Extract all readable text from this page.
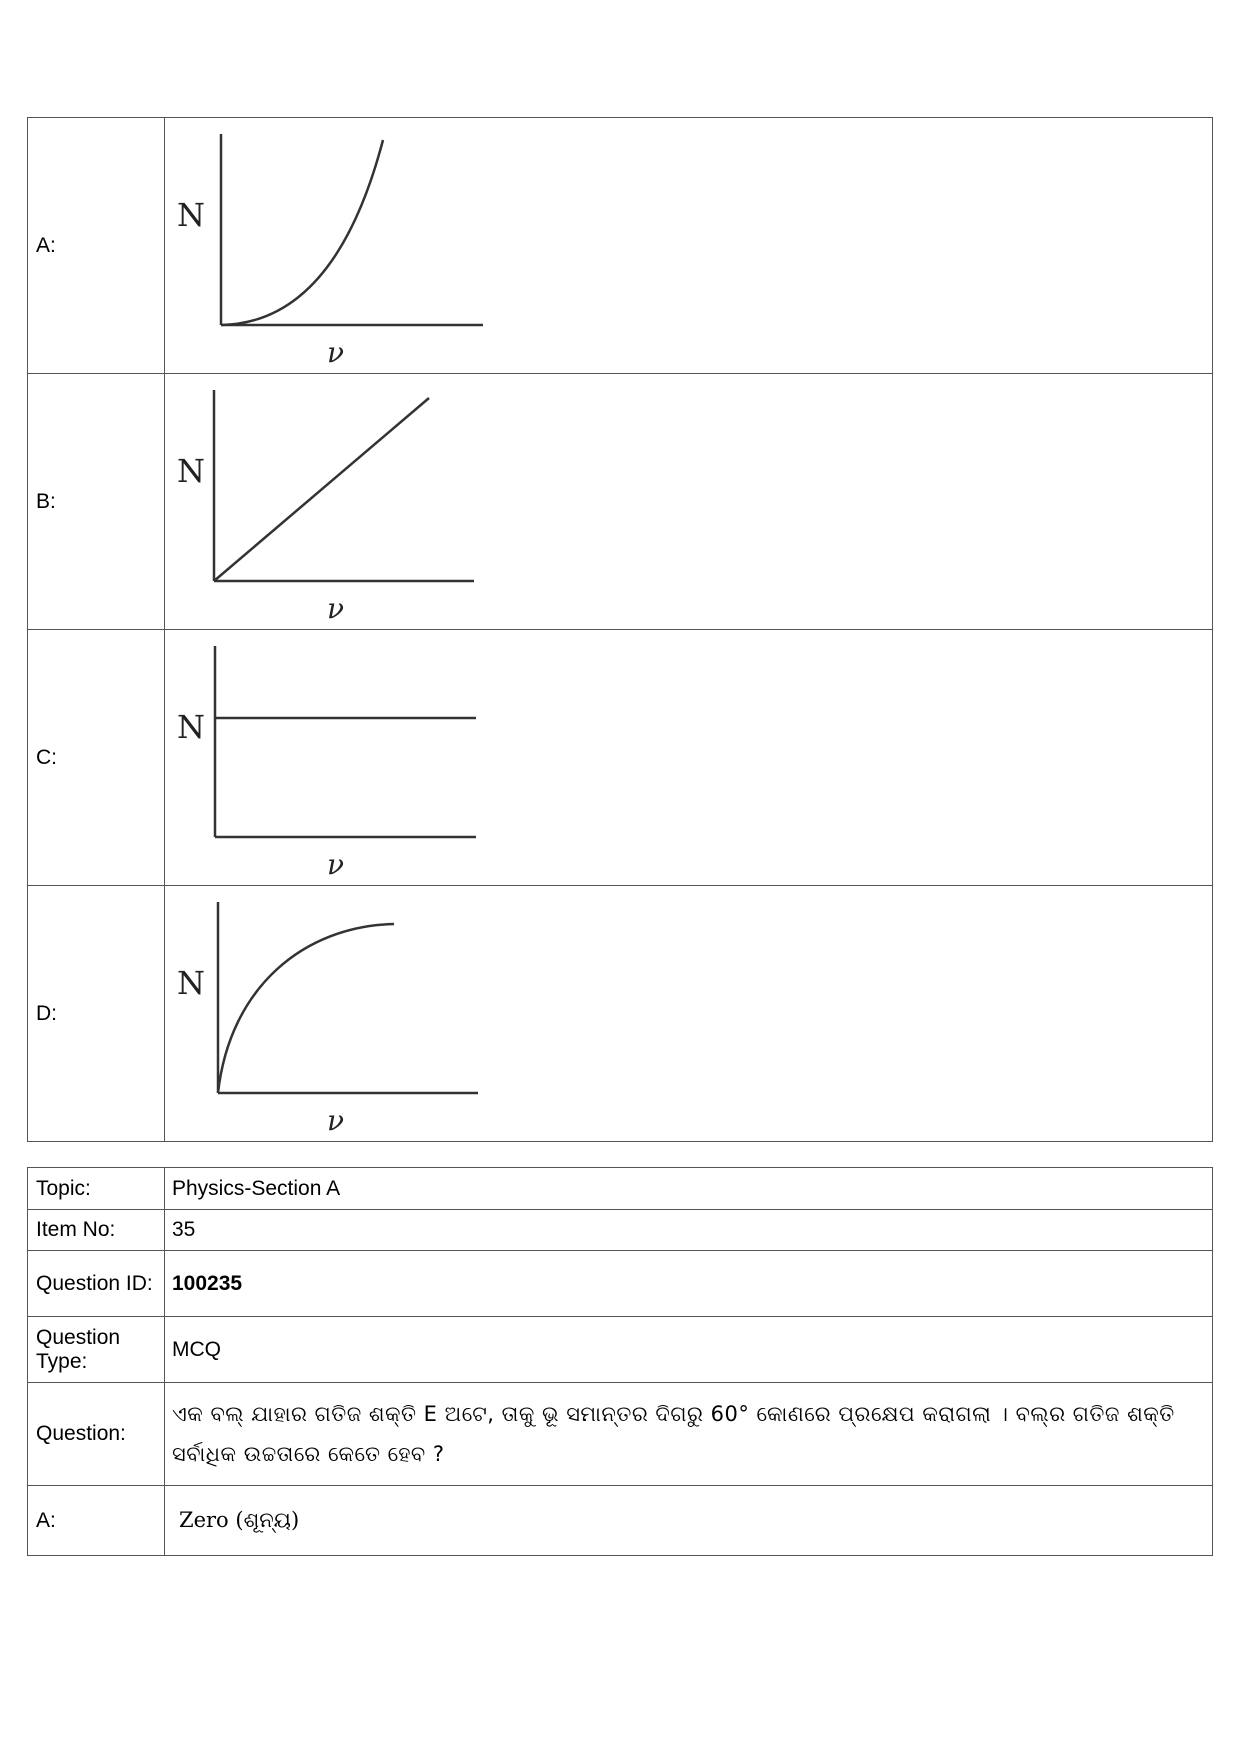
A:	N
ν

B:	N
ν

C:	N
ν

D:	N
ν
Topic:	Physics-Section A
Item No:	35
Question ID:	100235
Question Type:	MCQ
Question:	ଏକ ବଲ୍ ଯାହାର ଗତିଜ ଶକ୍ତି E ଅଟେ, ତାକୁ ଭୂ ସମାନ୍ତର ଦିଗରୁ 60° କୋଣରେ ପ୍ରକ୍ଷେପ କରାଗଲା । ବଲ୍ର ଗତିଜ ଶକ୍ତି ସର୍ବାଧିକ ଉଚ୍ଚତାରେ କେତେ ହେବ ?
A:	Zero (ଶୂନ୍ୟ)
